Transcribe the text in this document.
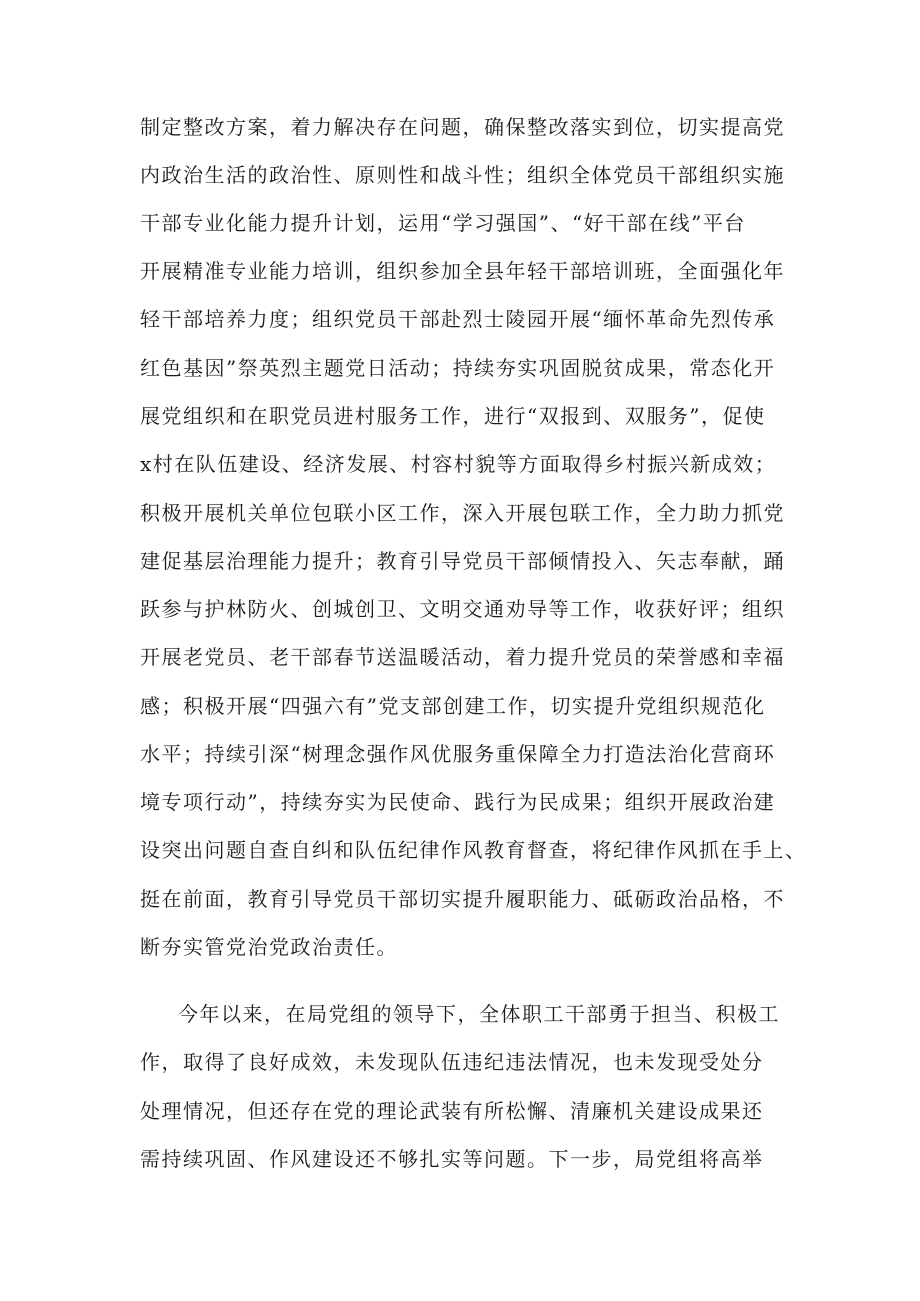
制定整改方案，着力解决存在问题，确保整改落实到位，切实提高党

内政治生活的政治性、原则性和战斗性；组织全体党员干部组织实施

干部专业化能力提升计划，运用“学习强国”、“好干部在线”平台

开展精准专业能力培训，组织参加全县年轻干部培训班，全面强化年

轻干部培养力度；组织党员干部赴烈士陵园开展“缅怀革命先烈传承

红色基因”祭英烈主题党日活动；持续夯实巩固脱贫成果，常态化开

展党组织和在职党员进村服务工作，进行“双报到、双服务”，促使

x村在队伍建设、经济发展、村容村貌等方面取得乡村振兴新成效；

积极开展机关单位包联小区工作，深入开展包联工作，全力助力抓党

建促基层治理能力提升；教育引导党员干部倾情投入、矢志奉献，踊

跃参与护林防火、创城创卫、文明交通劝导等工作，收获好评；组织

开展老党员、老干部春节送温暖活动，着力提升党员的荣誉感和幸福

感；积极开展“四强六有”党支部创建工作，切实提升党组织规范化

水平；持续引深“树理念强作风优服务重保障全力打造法治化营商环

境专项行动”，持续夯实为民使命、践行为民成果；组织开展政治建

设突出问题自查自纠和队伍纪律作风教育督查，将纪律作风抓在手上、

挺在前面，教育引导党员干部切实提升履职能力、砥砺政治品格，不

断夯实管党治党政治责任。

今年以来，在局党组的领导下，全体职工干部勇于担当、积极工

作，取得了良好成效，未发现队伍违纪违法情况，也未发现受处分

处理情况，但还存在党的理论武装有所松懈、清廉机关建设成果还

需持续巩固、作风建设还不够扎实等问题。下一步，局党组将高举
